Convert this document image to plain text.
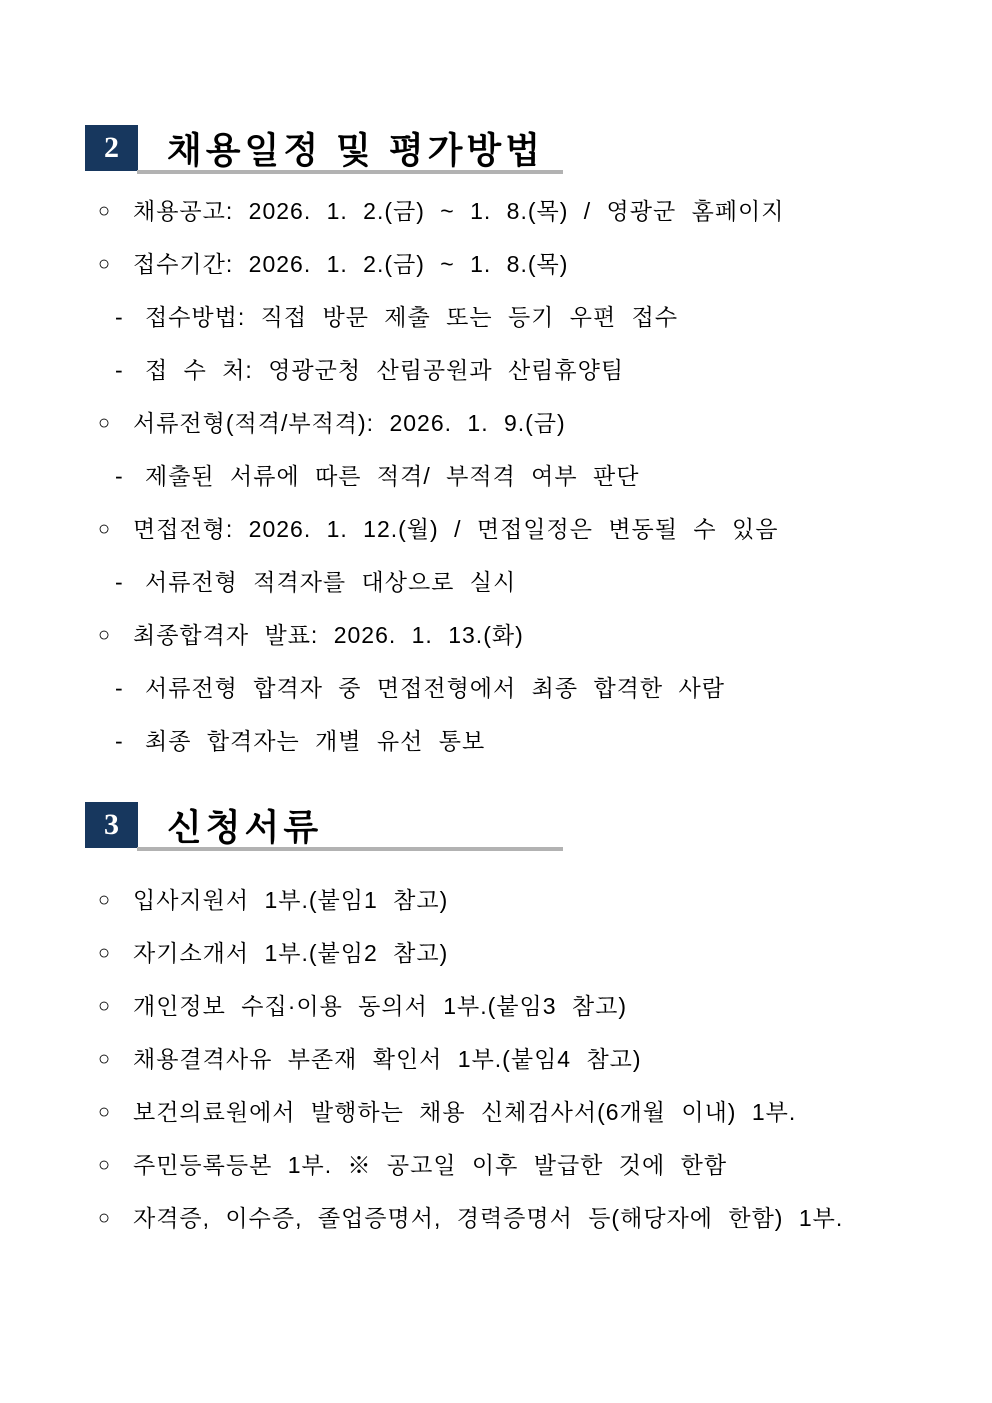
2 채용일정 및 평가방법
○ 채용공고: 2026. 1. 2.(금) ~ 1. 8.(목) / 영광군 홈페이지
○ 접수기간: 2026. 1. 2.(금) ~ 1. 8.(목)
- 접수방법: 직접 방문 제출 또는 등기 우편 접수
- 접 수 처: 영광군청 산림공원과 산림휴양팀
○ 서류전형(적격/부적격): 2026. 1. 9.(금)
- 제출된 서류에 따른 적격/ 부적격 여부 판단
○ 면접전형: 2026. 1. 12.(월) / 면접일정은 변동될 수 있음
- 서류전형 적격자를 대상으로 실시
○ 최종합격자 발표: 2026. 1. 13.(화)
- 서류전형 합격자 중 면접전형에서 최종 합격한 사람
- 최종 합격자는 개별 유선 통보
3 신청서류
○ 입사지원서 1부.(붙임1 참고)
○ 자기소개서 1부.(붙임2 참고)
○ 개인정보 수집·이용 동의서 1부.(붙임3 참고)
○ 채용결격사유 부존재 확인서 1부.(붙임4 참고)
○ 보건의료원에서 발행하는 채용 신체검사서(6개월 이내) 1부.
○ 주민등록등본 1부. ※ 공고일 이후 발급한 것에 한함
○ 자격증, 이수증, 졸업증명서, 경력증명서 등(해당자에 한함) 1부.
